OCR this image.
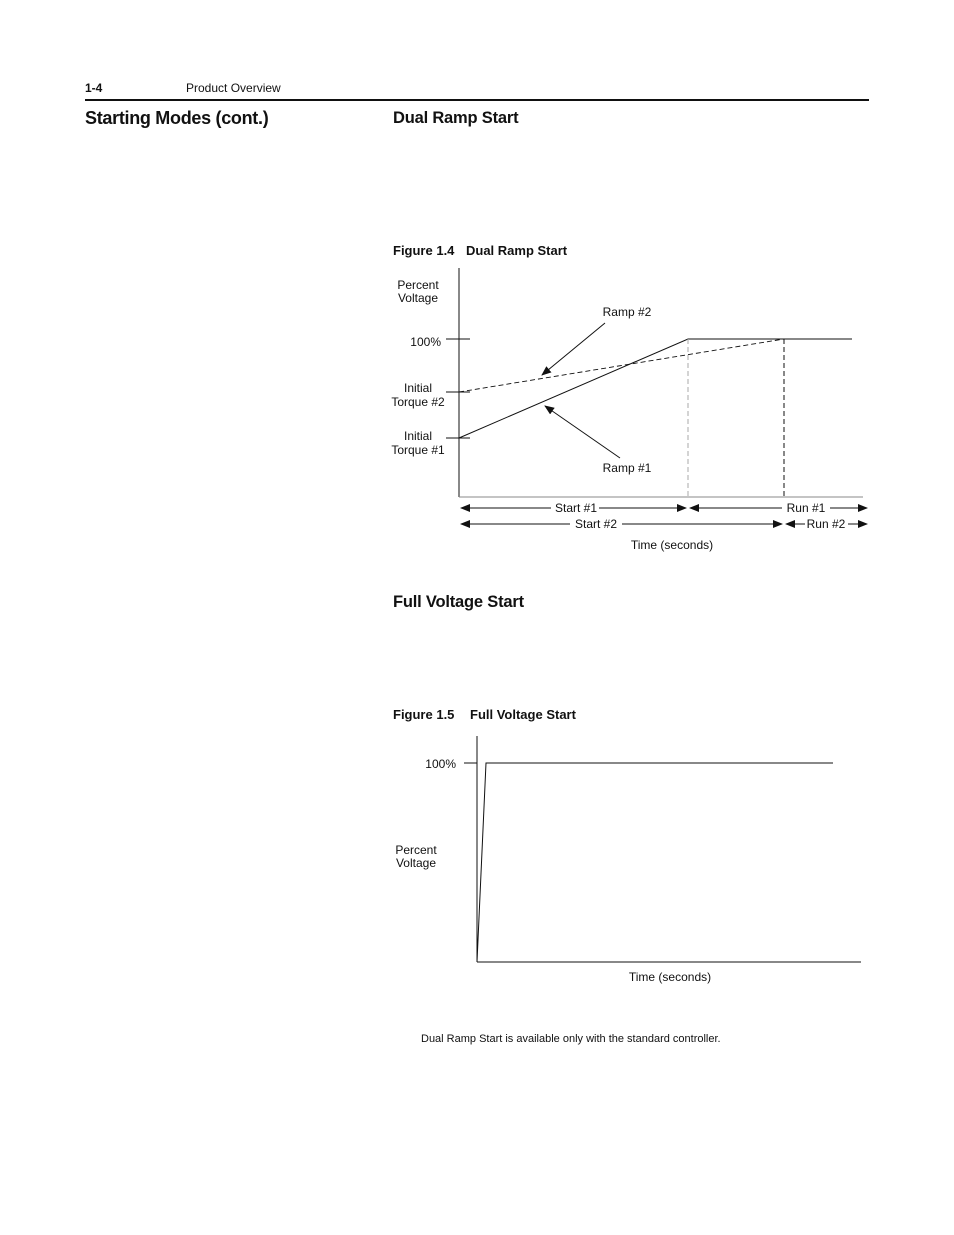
1-4	Product Overview
Starting Modes (cont.)	Dual Ramp Start
Figure 1.4 Dual Ramp Start
Percent
Voltage
100%
Initial
Torque #2
Initial
Torque #1
Ramp #2
Ramp #1
Start #1	Run #1
Start #2	Run #2
Time (seconds)
Full Voltage Start
Figure 1.5 Full Voltage Start
100%
Percent
Voltage
Time (seconds)
Dual Ramp Start is available only with the standard controller.
